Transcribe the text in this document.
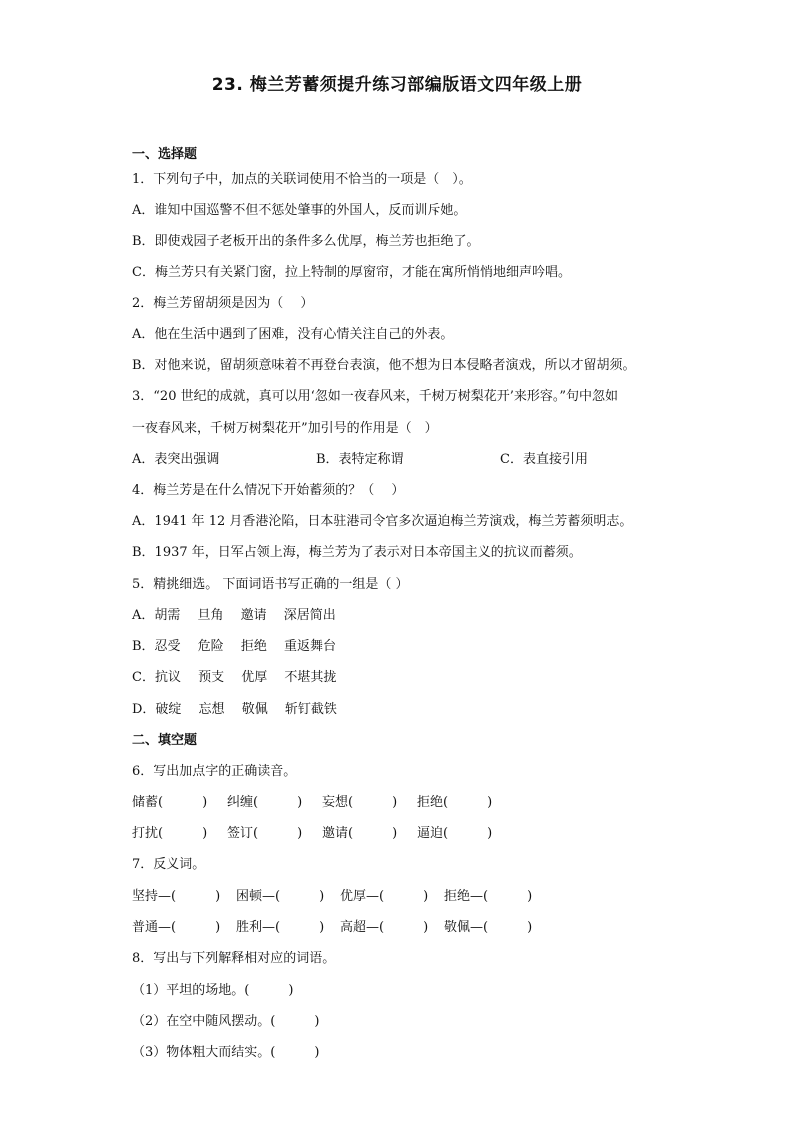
23. 梅兰芳蓄须提升练习部编版语文四年级上册
一、选择题
1．下列句子中，加点的关联词使用不恰当的一项是（　）。
A．谁知中国巡警不但不惩处肇事的外国人，反而训斥她。
B．即使戏园子老板开出的条件多么优厚，梅兰芳也拒绝了。
C．梅兰芳只有关紧门窗，拉上特制的厚窗帘，才能在寓所悄悄地细声吟唱。
2．梅兰芳留胡须是因为（　 ）
A．他在生活中遇到了困难，没有心情关注自己的外表。
B．对他来说，留胡须意味着不再登台表演，他不想为日本侵略者演戏，所以才留胡须。
3．“20 世纪的成就，真可以用‘忽如一夜春风来，千树万树梨花开’来形容。”句中忽如
一夜春风来，千树万树梨花开”加引号的作用是（　）
A．表突出强调	B．表特定称谓	C．表直接引用
4．梅兰芳是在什么情况下开始蓄须的？（　 ）
A．1941 年 12 月香港沦陷，日本驻港司令官多次逼迫梅兰芳演戏，梅兰芳蓄须明志。
B．1937 年，日军占领上海，梅兰芳为了表示对日本帝国主义的抗议而蓄须。
5．精挑细选。 下面词语书写正确的一组是（ ）
A．胡需　 旦角　 邀请　 深居简出
B．忍受　 危险　 拒绝　 重返舞台
C．抗议　 预支　 优厚　 不堪其拢
D．破绽　 忘想　 敬佩　 斩钉截铁
二、填空题
6．写出加点字的正确读音。
储蓄(　　　) 纠缠(　　　) 妄想(　　　) 拒绝(　　　)
打扰(　　　) 签订(　　　) 邀请(　　　) 逼迫(　　　)
7．反义词。
坚持—(　　　) 困顿—(　　　) 优厚—(　　　) 拒绝—(　　　)
普通—(　　　) 胜利—(　　　) 高超—(　　　) 敬佩—(　　　)
8．写出与下列解释相对应的词语。
（1）平坦的场地。(　　　)
（2）在空中随风摆动。(　　　)
（3）物体粗大而结实。(　　　)
